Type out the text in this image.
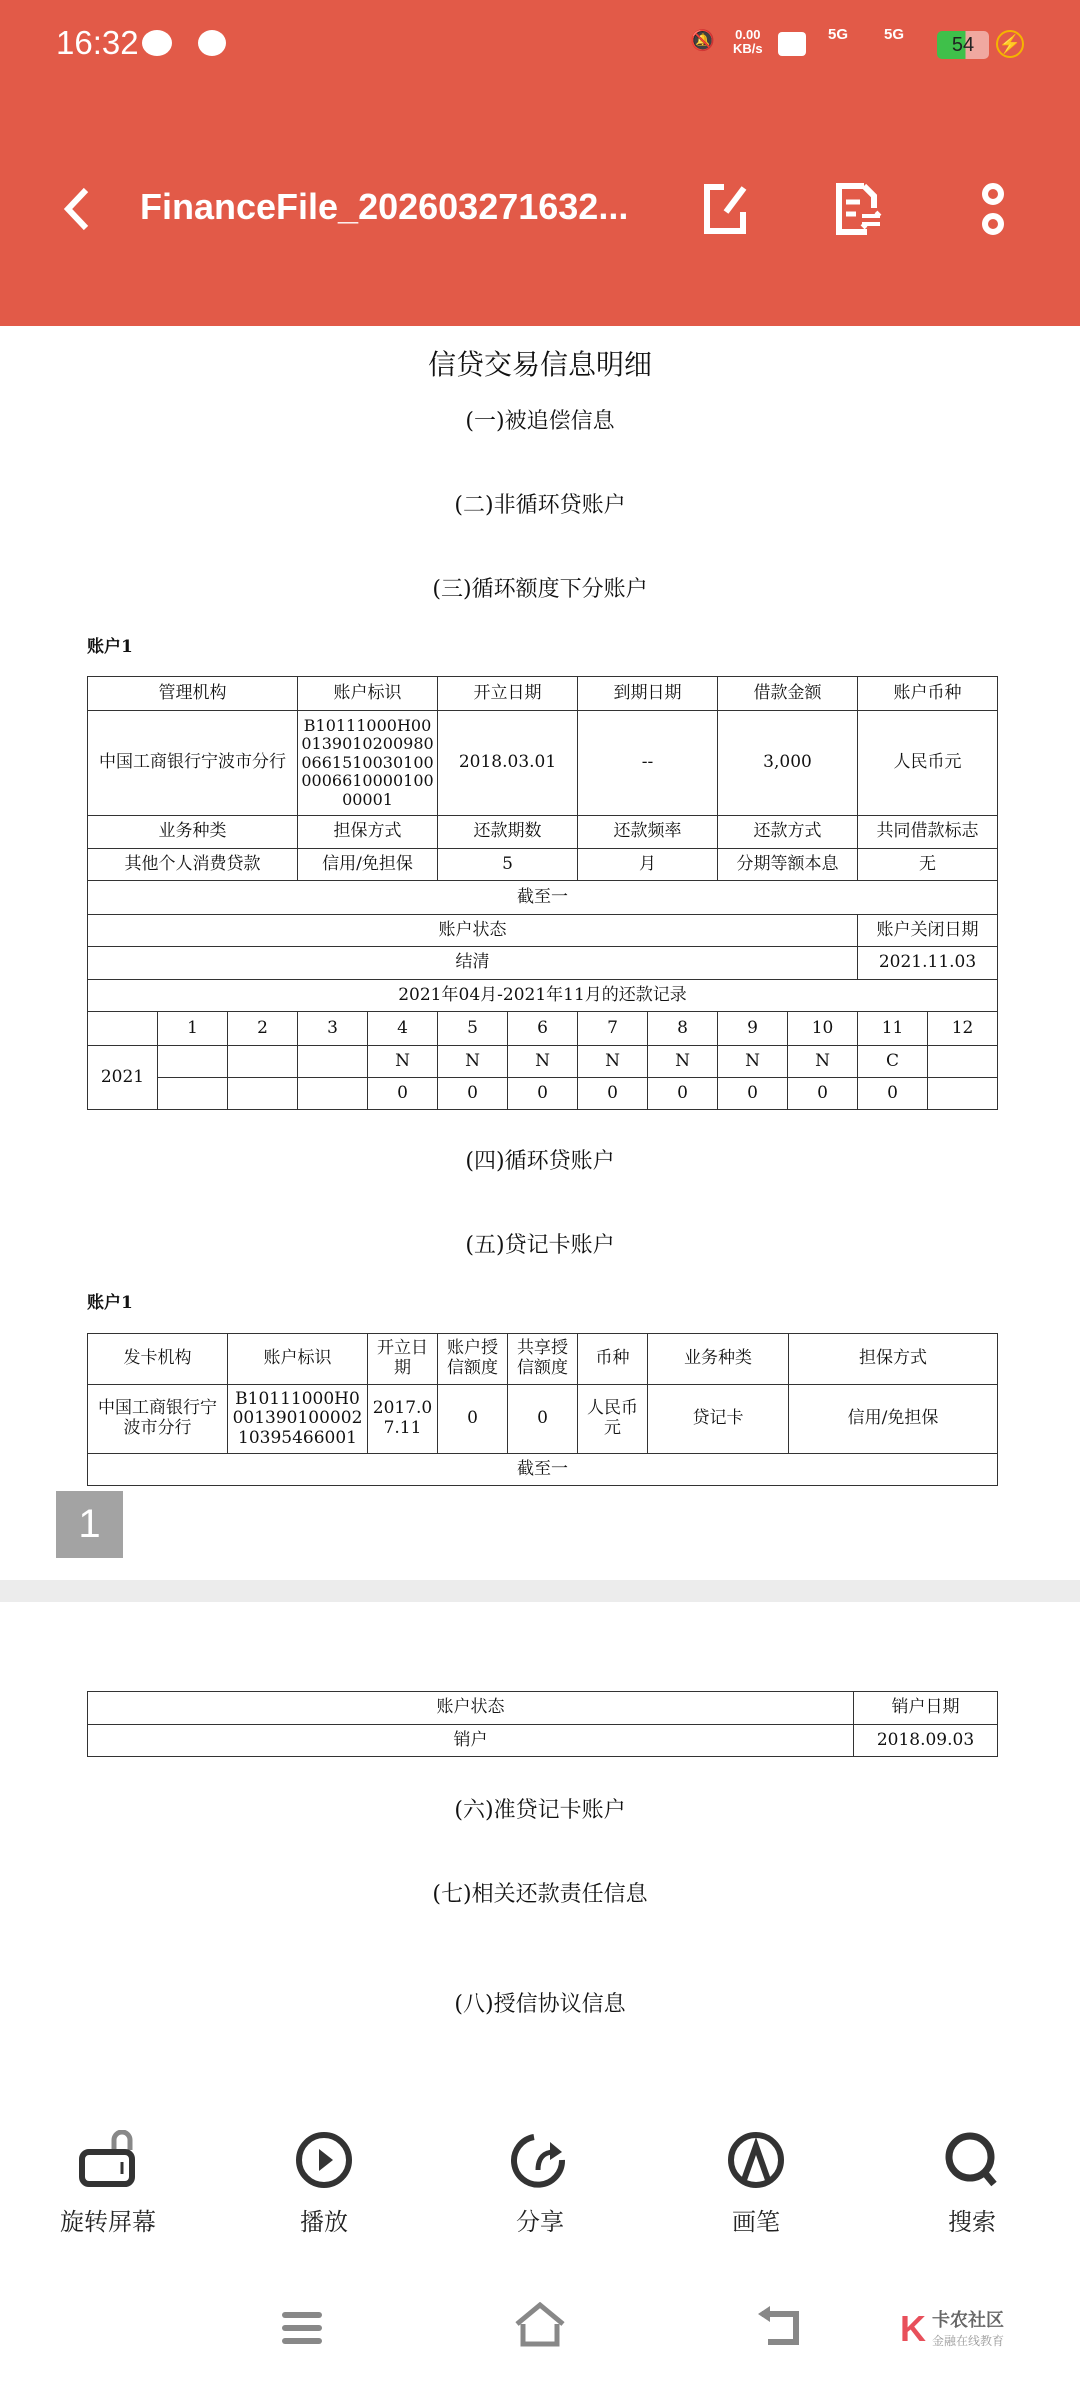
16:32	🔕 0.00
KB/s
5G 5G	54	⚡
FinanceFile_202603271632...
信贷交易信息明细
(一)被追偿信息
(二)非循环贷账户
(三)循环额度下分账户
账户1
管理机构			账户标识		开立日期		到期日期		借款金额		账户币种	
中国工商银行宁波市分行			B10111000H0001390102009800661510030100000661000010000001		2018.03.01		--		3,000		人民币元	
业务种类			担保方式		还款期数		还款频率		还款方式		共同借款标志	
其他个人消费贷款			信用/免担保		5		月		分期等额本息		无	
截至一												
账户状态											账户关闭日期	
结清											2021.11.03	
2021年04月-2021年11月的还款记录												
	1	2	3	4	5	6	7	8	9	10	11	12
2021				N	N	N	N	N	N	N	C	
				0	0	0	0	0	0	0	0	
(四)循环贷账户
(五)贷记卡账户
账户1
发卡机构	账户标识	开立日期	账户授信额度	共享授信额度	币种	业务种类	担保方式
中国工商银行宁波市分行	B10111000H000139010000210395466001	2017.07.11	0	0	人民币元	贷记卡	信用/免担保
截至一							
1
账户状态	销户日期
销户	2018.09.03
(六)准贷记卡账户
(七)相关还款责任信息
(八)授信协议信息
旋转屏幕	播放	分享	画笔	搜索
K 卡农社区
金融在线教育
